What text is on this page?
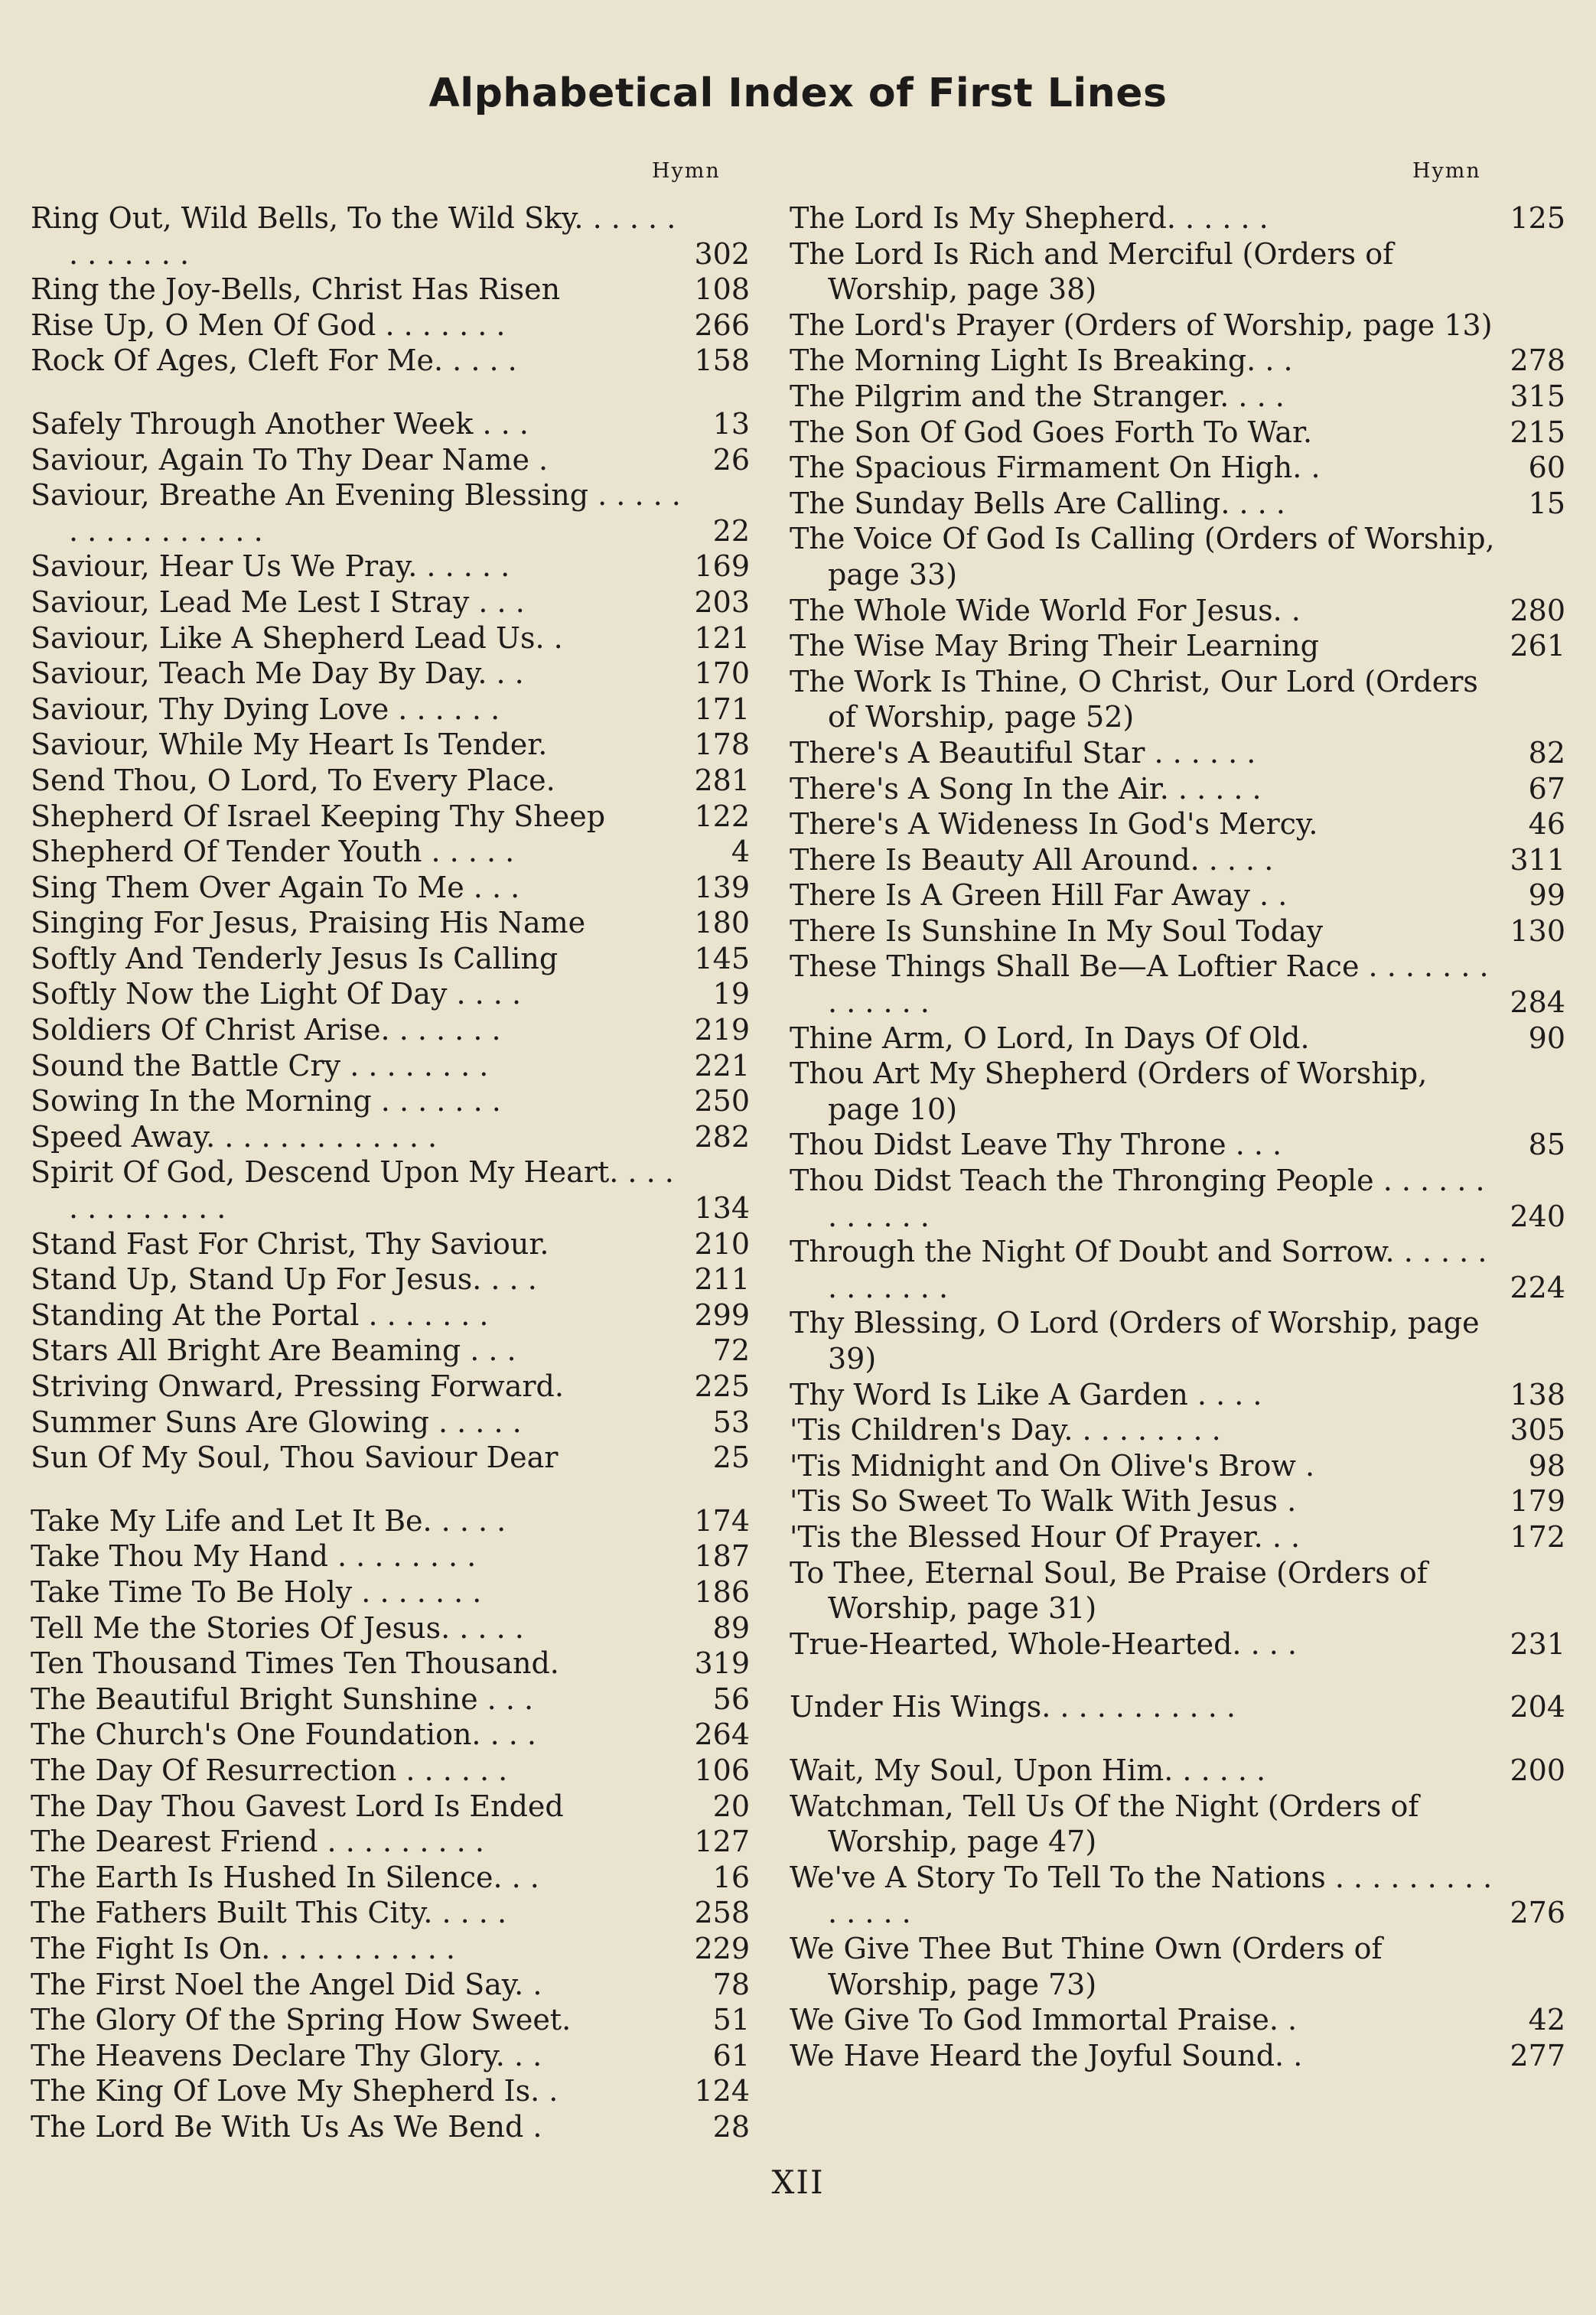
Alphabetical Index of First Lines
Hymn	Hymn
Ring Out, Wild Bells, To the Wild Sky. . . . . . . . . . . . .	302
Ring the Joy-Bells, Christ Has Risen	108
Rise Up, O Men Of God . . . . . . .	266
Rock Of Ages, Cleft For Me. . . . .	158
Safely Through Another Week . . .	13
Saviour, Again To Thy Dear Name .	26
Saviour, Breathe An Evening Blessing . . . . . . . . . . . . . . . .	22
Saviour, Hear Us We Pray. . . . . .	169
Saviour, Lead Me Lest I Stray . . .	203
Saviour, Like A Shepherd Lead Us. .	121
Saviour, Teach Me Day By Day. . .	170
Saviour, Thy Dying Love . . . . . .	171
Saviour, While My Heart Is Tender.	178
Send Thou, O Lord, To Every Place.	281
Shepherd Of Israel Keeping Thy Sheep	122
Shepherd Of Tender Youth . . . . .	4
Sing Them Over Again To Me . . .	139
Singing For Jesus, Praising His Name	180
Softly And Tenderly Jesus Is Calling	145
Softly Now the Light Of Day . . . .	19
Soldiers Of Christ Arise. . . . . . .	219
Sound the Battle Cry . . . . . . . .	221
Sowing In the Morning . . . . . . .	250
Speed Away. . . . . . . . . . . . .	282
Spirit Of God, Descend Upon My Heart. . . . . . . . . . . . .	134
Stand Fast For Christ, Thy Saviour.	210
Stand Up, Stand Up For Jesus. . . .	211
Standing At the Portal . . . . . . .	299
Stars All Bright Are Beaming . . .	72
Striving Onward, Pressing Forward.	225
Summer Suns Are Glowing . . . . .	53
Sun Of My Soul, Thou Saviour Dear	25
Take My Life and Let It Be. . . . .	174
Take Thou My Hand . . . . . . . .	187
Take Time To Be Holy . . . . . . .	186
Tell Me the Stories Of Jesus. . . . .	89
Ten Thousand Times Ten Thousand.	319
The Beautiful Bright Sunshine . . .	56
The Church's One Foundation. . . .	264
The Day Of Resurrection . . . . . .	106
The Day Thou Gavest Lord Is Ended	20
The Dearest Friend . . . . . . . . .	127
The Earth Is Hushed In Silence. . .	16
The Fathers Built This City. . . . .	258
The Fight Is On. . . . . . . . . . .	229
The First Noel the Angel Did Say. .	78
The Glory Of the Spring How Sweet.	51
The Heavens Declare Thy Glory. . .	61
The King Of Love My Shepherd Is. .	124
The Lord Be With Us As We Bend .	28
The Lord Is My Shepherd. . . . . .	125
The Lord Is Rich and Merciful (Orders of Worship, page 38)
The Lord's Prayer (Orders of Worship, page 13)
The Morning Light Is Breaking. . .	278
The Pilgrim and the Stranger. . . .	315
The Son Of God Goes Forth To War.	215
The Spacious Firmament On High. .	60
The Sunday Bells Are Calling. . . .	15
The Voice Of God Is Calling (Orders of Worship, page 33)
The Whole Wide World For Jesus. .	280
The Wise May Bring Their Learning	261
The Work Is Thine, O Christ, Our Lord (Orders of Worship, page 52)
There's A Beautiful Star . . . . . .	82
There's A Song In the Air. . . . . .	67
There's A Wideness In God's Mercy.	46
There Is Beauty All Around. . . . .	311
There Is A Green Hill Far Away . .	99
There Is Sunshine In My Soul Today	130
These Things Shall Be—A Loftier Race . . . . . . . . . . . . .	284
Thine Arm, O Lord, In Days Of Old.	90
Thou Art My Shepherd (Orders of Worship, page 10)
Thou Didst Leave Thy Throne . . .	85
Thou Didst Teach the Thronging People . . . . . . . . . . . .	240
Through the Night Of Doubt and Sorrow. . . . . . . . . . . . .	224
Thy Blessing, O Lord (Orders of Worship, page 39)
Thy Word Is Like A Garden . . . .	138
'Tis Children's Day. . . . . . . . .	305
'Tis Midnight and On Olive's Brow .	98
'Tis So Sweet To Walk With Jesus .	179
'Tis the Blessed Hour Of Prayer. . .	172
To Thee, Eternal Soul, Be Praise (Orders of Worship, page 31)
True-Hearted, Whole-Hearted. . . .	231
Under His Wings. . . . . . . . . . .	204
Wait, My Soul, Upon Him. . . . . .	200
Watchman, Tell Us Of the Night (Orders of Worship, page 47)
We've A Story To Tell To the Nations . . . . . . . . . . . . . .	276
We Give Thee But Thine Own (Orders of Worship, page 73)
We Give To God Immortal Praise. .	42
We Have Heard the Joyful Sound. .	277
XII
